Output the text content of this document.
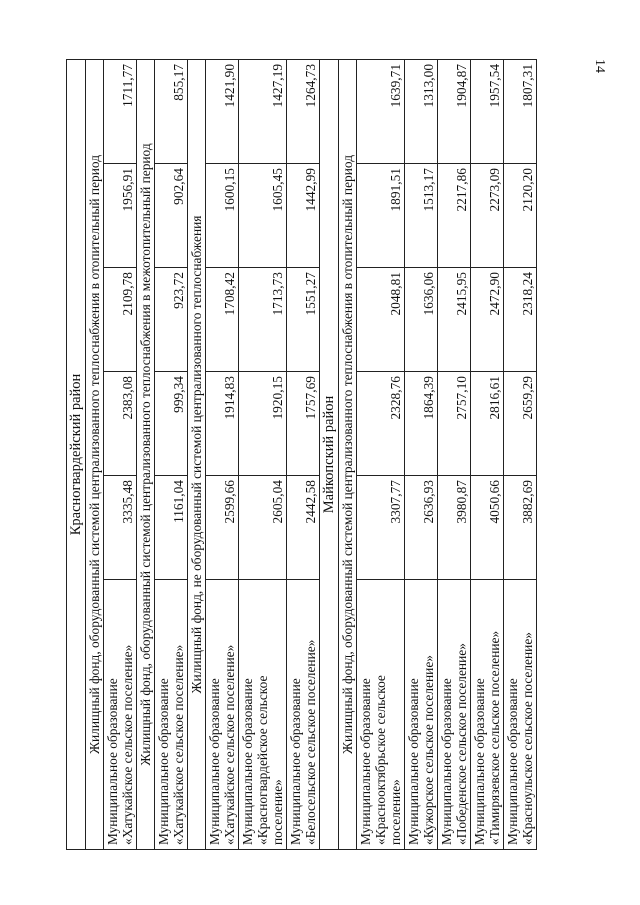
14
Красногвардейский район					
Жилищный фонд, оборудованный системой централизованного теплоснабжения в отопительный период					

Муниципальное образование «Хатукайское сельское поселение»	3335,48	2383,08	2109,78	1956,91	1711,77
Жилищный фонд, оборудованный системой централизованного теплоснабжения в межотопительный период					

Муниципальное образование «Хатукайское сельское поселение»	1161,04	999,34	923,72	902,64	855,17
Жилищный фонд, не оборудованный системой централизованного теплоснабжения					

Муниципальное образование «Хатукайское сельское поселение»	2599,66	1914,83	1708,42	1600,15	1421,90

Муниципальное образование «Красногвардейское сельское поселение»	2605,04	1920,15	1713,73	1605,45	1427,19

Муниципальное образование «Белосельское сельское поселение»	2442,58	1757,69	1551,27	1442,99	1264,73
Майкопский район					
Жилищный фонд, оборудованный системой централизованного теплоснабжения в отопительный период					

Муниципальное образование «Краснооктябрьское сельское поселение»	3307,77	2328,76	2048,81	1891,51	1639,71

Муниципальное образование «Кужорское сельское поселение»	2636,93	1864,39	1636,06	1513,17	1313,00

Муниципальное образование «Победенское сельское поселение»	3980,87	2757,10	2415,95	2217,86	1904,87

Муниципальное образование «Тимирязевское сельское поселение»	4050,66	2816,61	2472,90	2273,09	1957,54

Муниципальное образование «Красноульское сельское поселение»	3882,69	2659,29	2318,24	2120,20	1807,31
